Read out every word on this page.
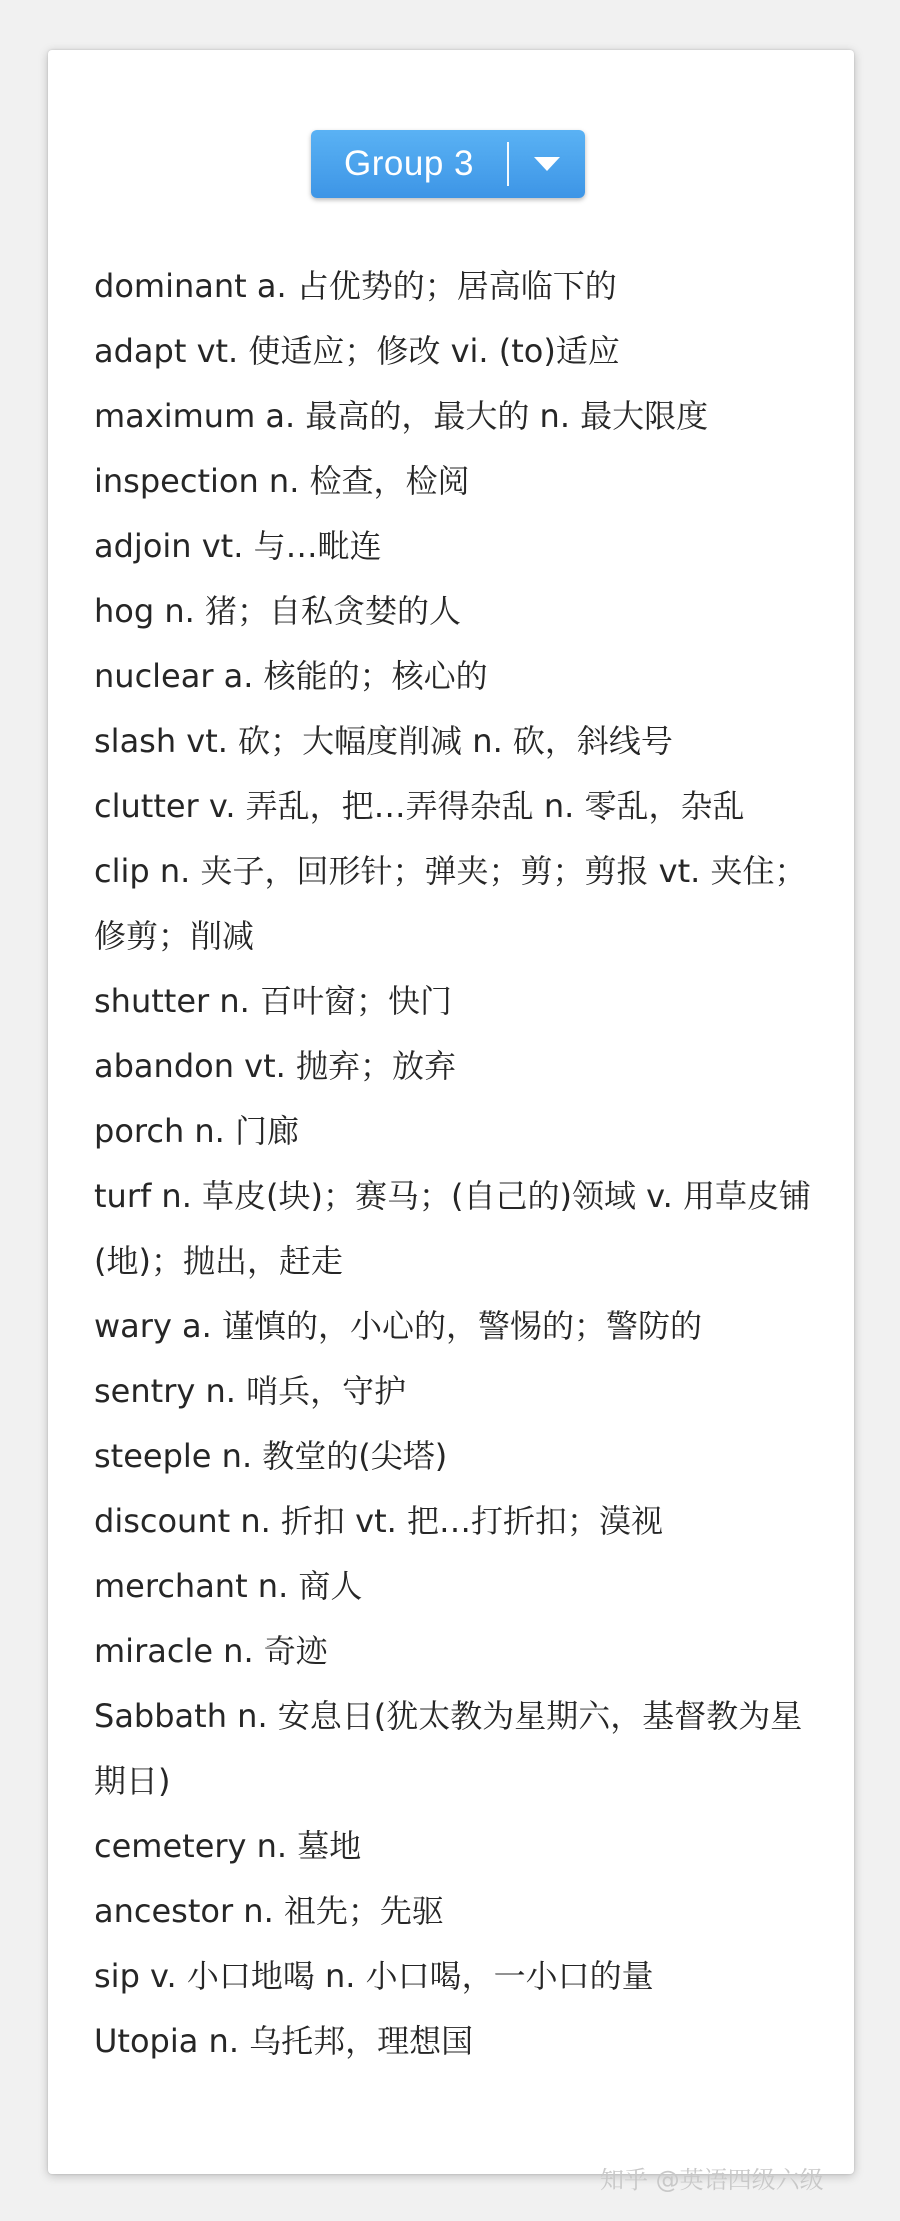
Group 3
dominant a. 占优势的；居高临下的
adapt vt. 使适应；修改 vi. (to)适应
maximum a. 最高的，最大的 n. 最大限度
inspection n. 检查，检阅
adjoin vt. 与…毗连
hog n. 猪；自私贪婪的人
nuclear a. 核能的；核心的
slash vt. 砍；大幅度削减 n. 砍，斜线号
clutter v. 弄乱，把…弄得杂乱 n. 零乱，杂乱
clip n. 夹子，回形针；弹夹；剪；剪报 vt. 夹住；修剪；削减
shutter n. 百叶窗；快门
abandon vt. 抛弃；放弃
porch n. 门廊
turf n. 草皮(块)；赛马；(自己的)领域 v. 用草皮铺(地)；抛出，赶走
wary a. 谨慎的，小心的，警惕的；警防的
sentry n. 哨兵，守护
steeple n. 教堂的(尖塔)
discount n. 折扣 vt. 把…打折扣；漠视
merchant n. 商人
miracle n. 奇迹
Sabbath n. 安息日(犹太教为星期六，基督教为星期日)
cemetery n. 墓地
ancestor n. 祖先；先驱
sip v. 小口地喝 n. 小口喝，一小口的量
Utopia n. 乌托邦，理想国
知乎 @英语四级六级
